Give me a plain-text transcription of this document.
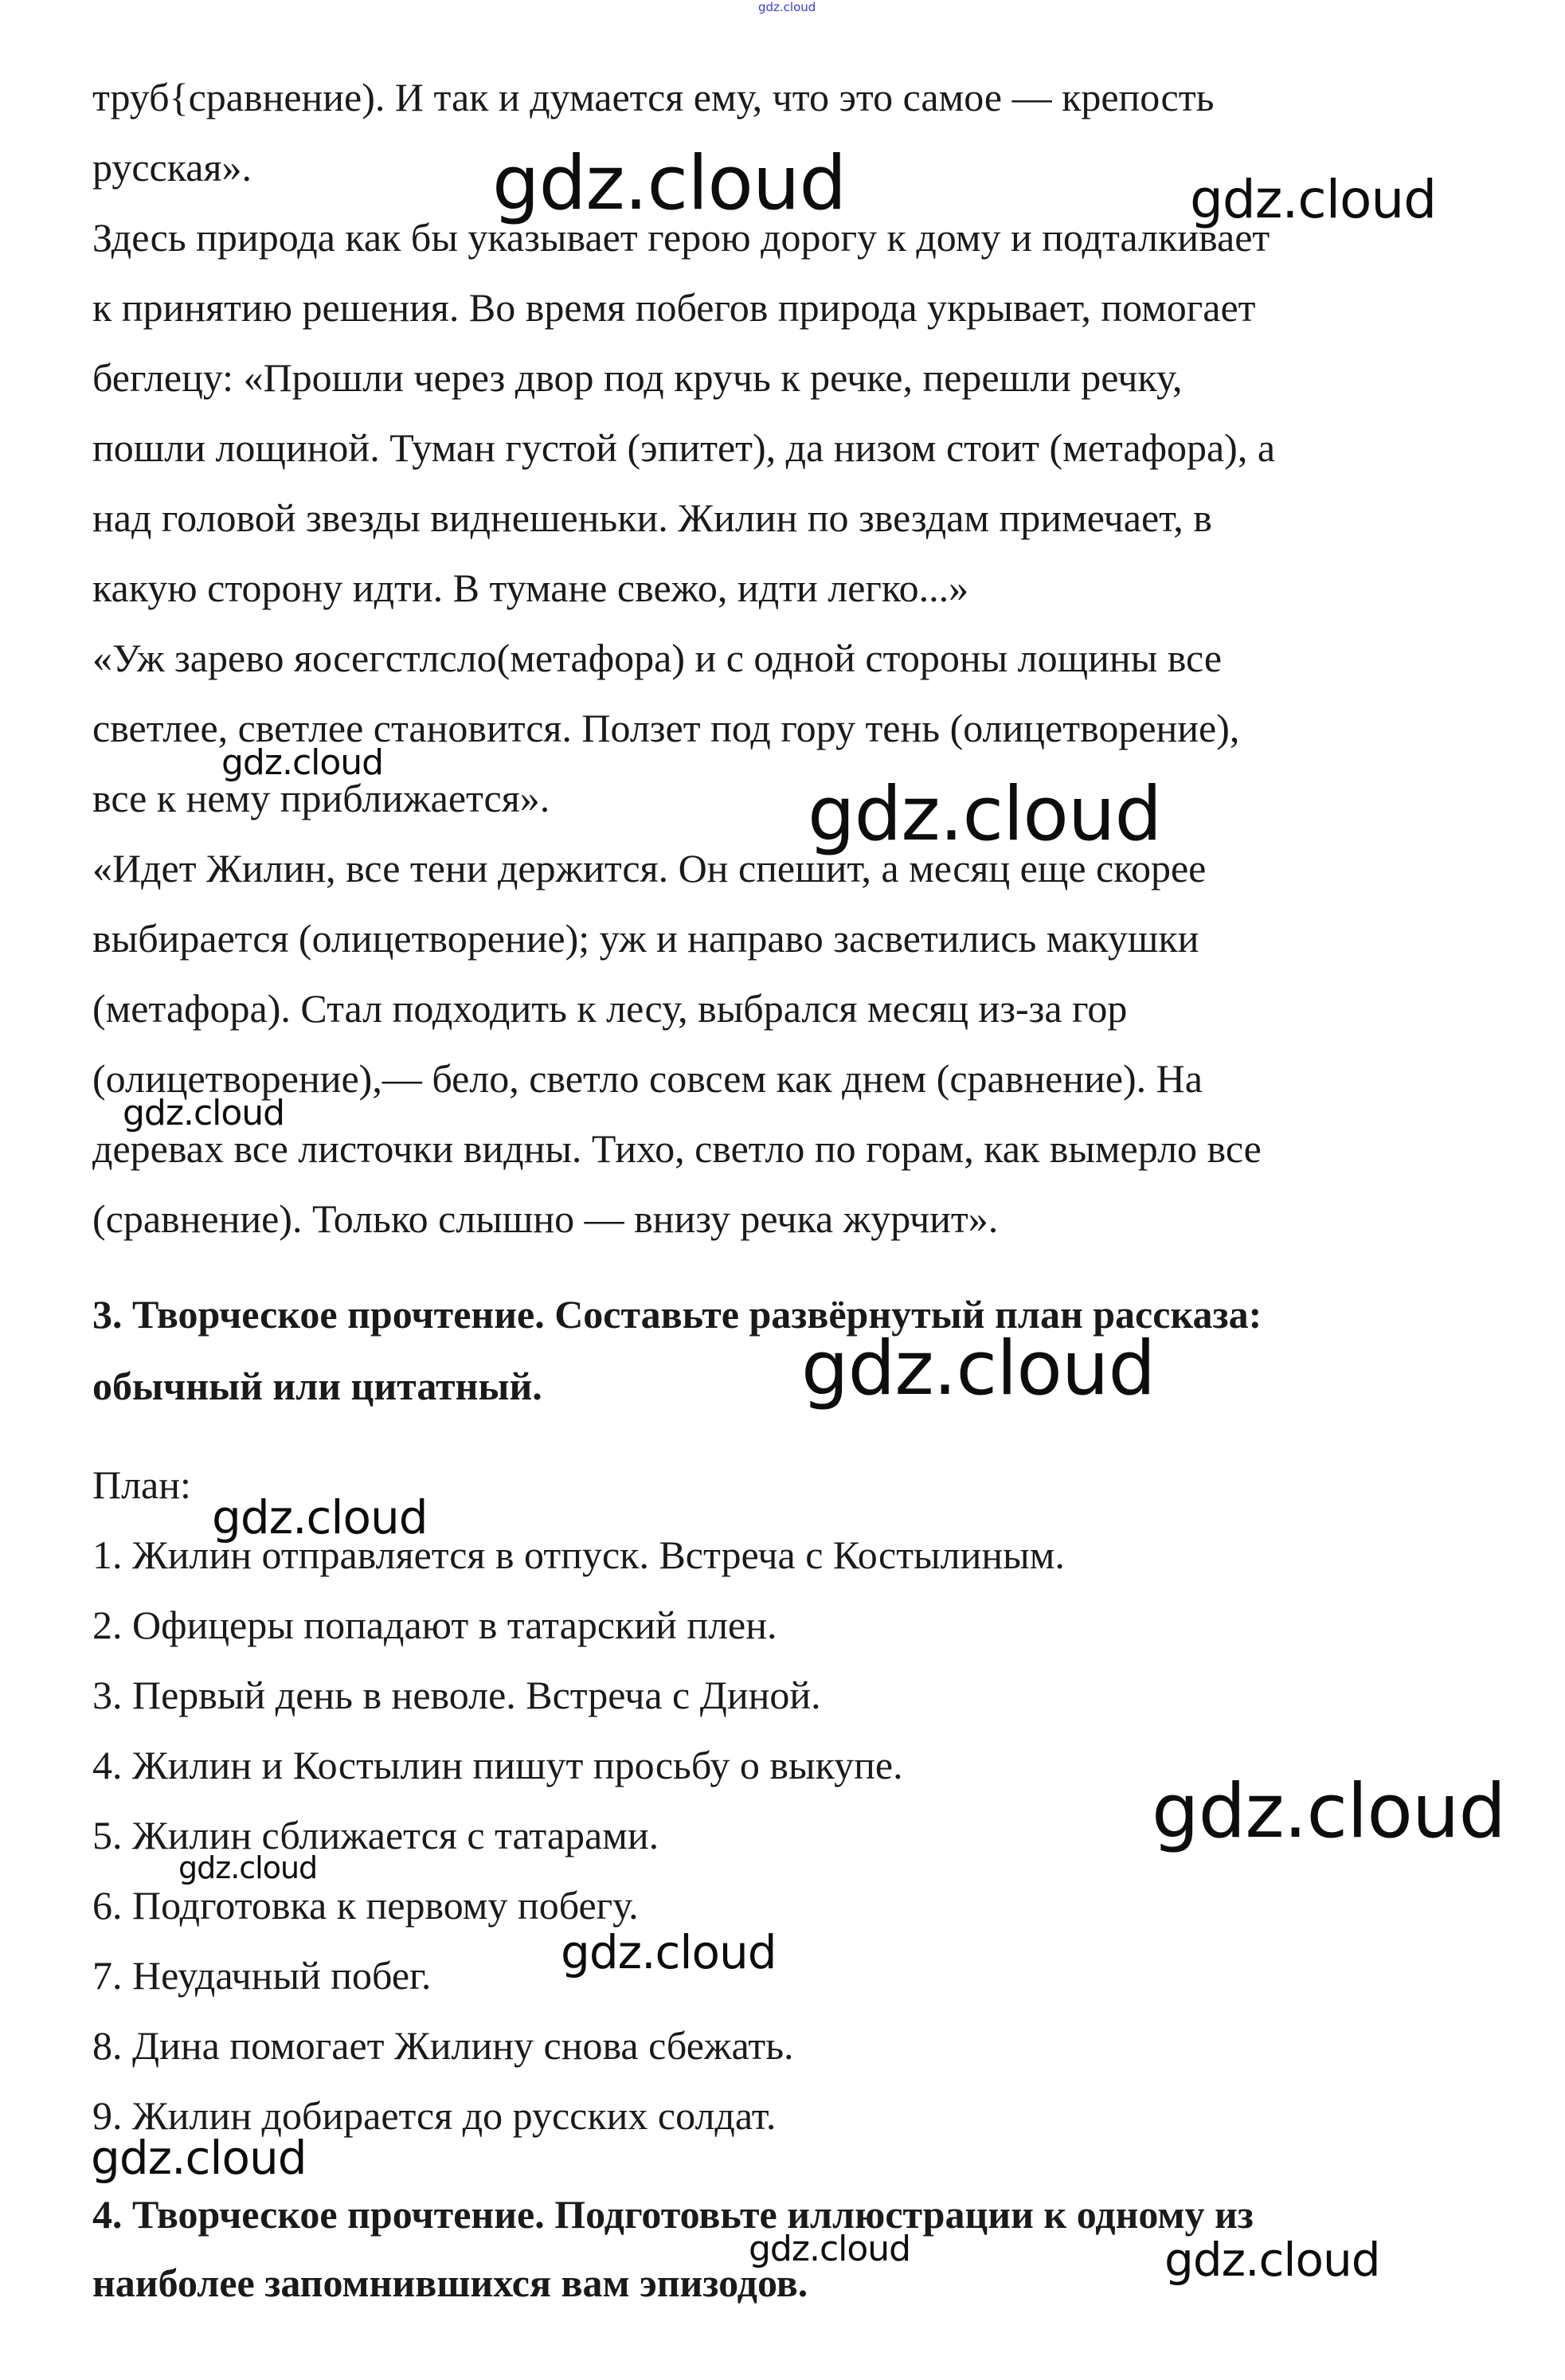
gdz.cloud
труб{сравнение). И так и думается ему, что это самое — крепость
русская».
Здесь природа как бы указывает герою дорогу к дому и подталкивает
к принятию решения. Во время побегов природа укрывает, помогает
беглецу: «Прошли через двор под кручь к речке, перешли речку,
пошли лощиной. Туман густой (эпитет), да низом стоит (метафора), а
над головой звезды виднешеньки. Жилин по звездам примечает, в
какую сторону идти. В тумане свежо, идти легко...»
«Уж зарево яосегстлсло(метафора) и с одной стороны лощины все
светлее, светлее становится. Ползет под гору тень (олицетворение),
все к нему приближается».
«Идет Жилин, все тени держится. Он спешит, а месяц еще скорее
выбирается (олицетворение); уж и направо засветились макушки
(метафора). Стал подходить к лесу, выбрался месяц из-за гор
(олицетворение),— бело, светло совсем как днем (сравнение). На
деревах все листочки видны. Тихо, светло по горам, как вымерло все
(сравнение). Только слышно — внизу речка журчит».
3. Творческое прочтение. Составьте развёрнутый план рассказа:
обычный или цитатный.
План:
1. Жилин отправляется в отпуск. Встреча с Костылиным.
2. Офицеры попадают в татарский плен.
3. Первый день в неволе. Встреча с Диной.
4. Жилин и Костылин пишут просьбу о выкупе.
5. Жилин сближается с татарами.
6. Подготовка к первому побегу.
7. Неудачный побег.
8. Дина помогает Жилину снова сбежать.
9. Жилин добирается до русских солдат.
4. Творческое прочтение. Подготовьте иллюстрации к одному из
наиболее запомнившихся вам эпизодов.
gdz.cloud	gdz.cloud
gdz.cloud
gdz.cloud
gdz.cloud
gdz.cloud
gdz.cloud
gdz.cloud
gdz.cloud
gdz.cloud
gdz.cloud
gdz.cloud	gdz.cloud
